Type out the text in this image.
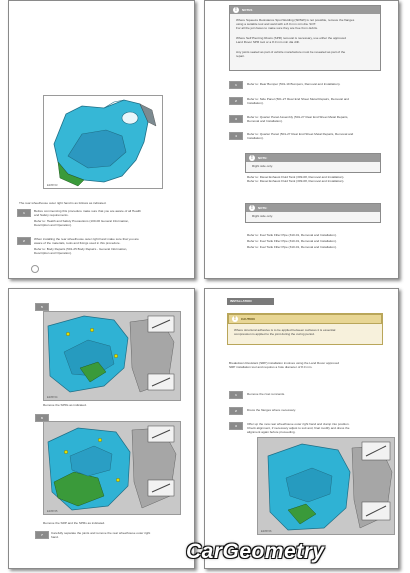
E235723
The rear wheelhouse outer right hand is as follows as indicated.
1	Before commencing this procedure make sure that you are aware of all Health
and Safety requirements.
Refer to: Health and Safety Precautions (100-00 General Information,
Description and Operation).
2	When installing the rear wheelhouse outer right hand make sure that you are
aware of the materials, tools and fixings used in this procedure.
Refer to: Body Repairs (501-25 Body Repairs - General Information,
Description and Operation).
!	NOTES
Where Squeeze Resistance Spot Welding (SRSW) is not possible, remove the flanges
using a suitable tool and weld with a 8.0 mm min dia. SOT.
For all the join faces to make sure they are free from debris.
Where Self Piercing Rivets (SPR) removal is necessary, use either the approved
Land Rover SPR tool or a 8.0 mm min dia drill.
Any joints sealed as part of vehicle manufacture must be resealed as part of the
repair.
1	Refer to: Rear Bumper (501-19 Bumpers, Removal and Installation).
2	Refer to: Side Panel (501-27 Rear End Sheet Metal Repairs, Removal and
Installation).
3	Refer to: Quarter Panel Assembly (501-27 Rear End Sheet Metal Repairs,
Removal and Installation).
4	Refer to: Quarter Panel (501-27 Rear End Sheet Metal Repairs, Removal and
Installation).
!	NOTE:
Right side only.
Refer to: Diesel Exhaust Fluid Tank (309-08, Removal and Installation).
Refer to: Diesel Exhaust Fluid Tank (309-08, Removal and Installation).
!	NOTE:
Right side only.
Refer to: Fuel Tank Filler Pipe (310-01, Removal and Installation).
Refer to: Fuel Tank Filler Pipe (310-01, Removal and Installation).
Refer to: Fuel Tank Filler Pipe (310-01, Removal and Installation).
5
E235724
Remove the SPRs as indicated.
6
E235725
Remove the SRP and the SPRs as indicated.
7	Carefully separate the joints and remove the rear wheelhouse outer right
hand.
INSTALLATION
!	CAUTION
Where structural adhesive is to be applied between surfaces it is essential
compression is applied to the joint during the curing period.
Breakdown Resistant (SRP) installation involves using the Land Rover approved
SRP installation tool and requires a hole diameter of 8.0 mm.
1	Remove the rivet remnants.
2	Dress the flanges where necessary.
3	Offer up the new rear wheelhouse outer right hand and clamp into position.
Check alignment, if necessary adjust to suit and, final modify and dress the
alignment again before proceeding.
E235726
CarGeometry
